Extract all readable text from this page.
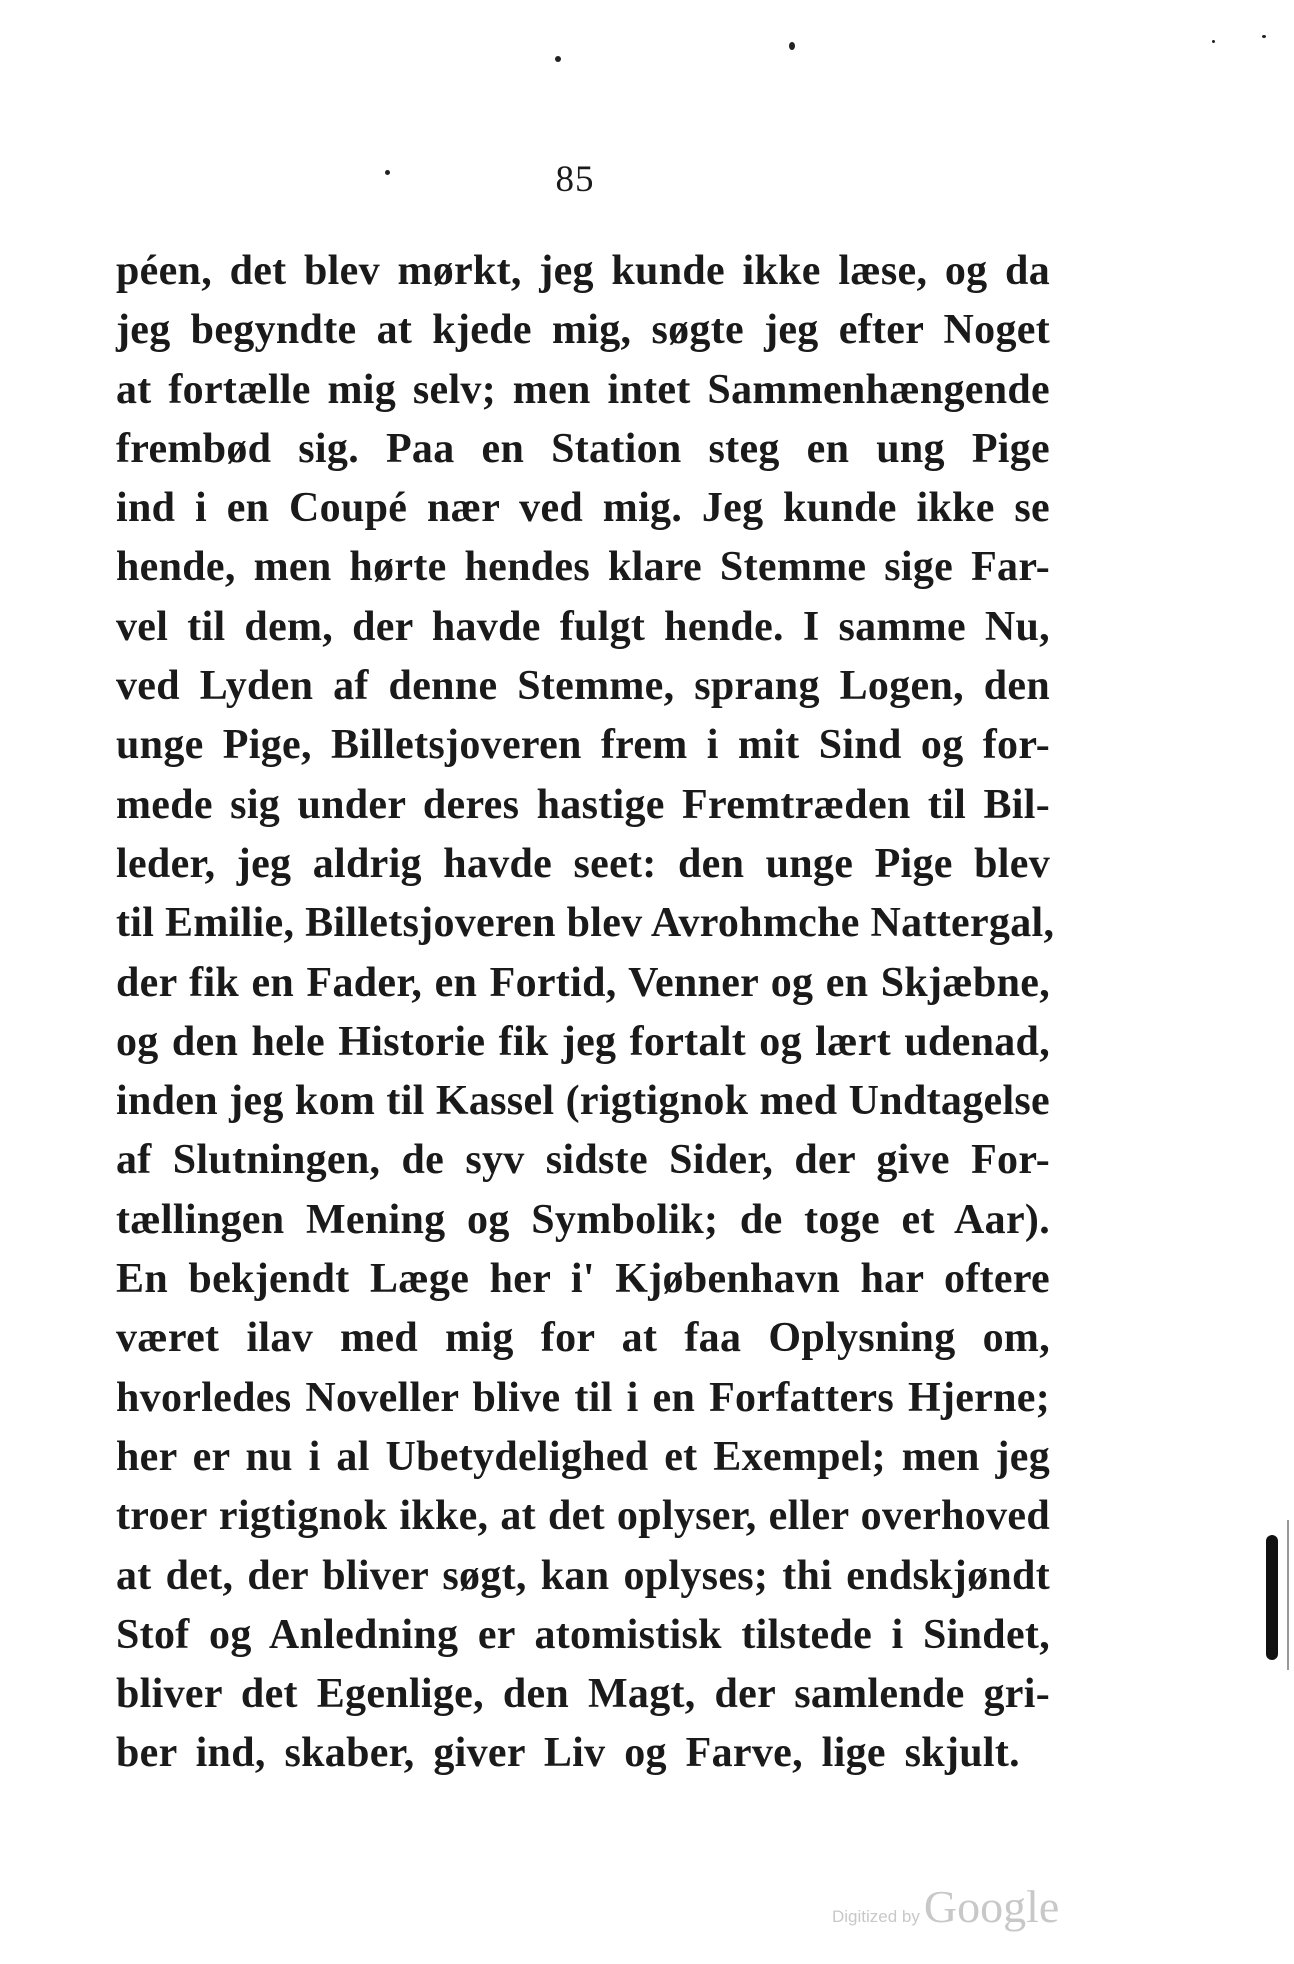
85
péen, det blev mørkt, jeg kunde ikke læse, og da
jeg begyndte at kjede mig, søgte jeg efter Noget
at fortælle mig selv; men intet Sammenhængende
frembød sig. Paa en Station steg en ung Pige
ind i en Coupé nær ved mig. Jeg kunde ikke se
hende, men hørte hendes klare Stemme sige Far-
vel til dem, der havde fulgt hende. I samme Nu,
ved Lyden af denne Stemme, sprang Logen, den
unge Pige, Billetsjoveren frem i mit Sind og for-
mede sig under deres hastige Fremtræden til Bil-
leder, jeg aldrig havde seet: den unge Pige blev
til Emilie, Billetsjoveren blev Avrohmche Nattergal,
der fik en Fader, en Fortid, Venner og en Skjæbne,
og den hele Historie fik jeg fortalt og lært udenad,
inden jeg kom til Kassel (rigtignok med Undtagelse
af Slutningen, de syv sidste Sider, der give For-
tællingen Mening og Symbolik; de toge et Aar).
En bekjendt Læge her i' Kjøbenhavn har oftere
været ilav med mig for at faa Oplysning om,
hvorledes Noveller blive til i en Forfatters Hjerne;
her er nu i al Ubetydelighed et Exempel; men jeg
troer rigtignok ikke, at det oplyser, eller overhoved
at det, der bliver søgt, kan oplyses; thi endskjøndt
Stof og Anledning er atomistisk tilstede i Sindet,
bliver det Egenlige, den Magt, der samlende gri-
ber ind, skaber, giver Liv og Farve, lige skjult.
Digitized by Google
